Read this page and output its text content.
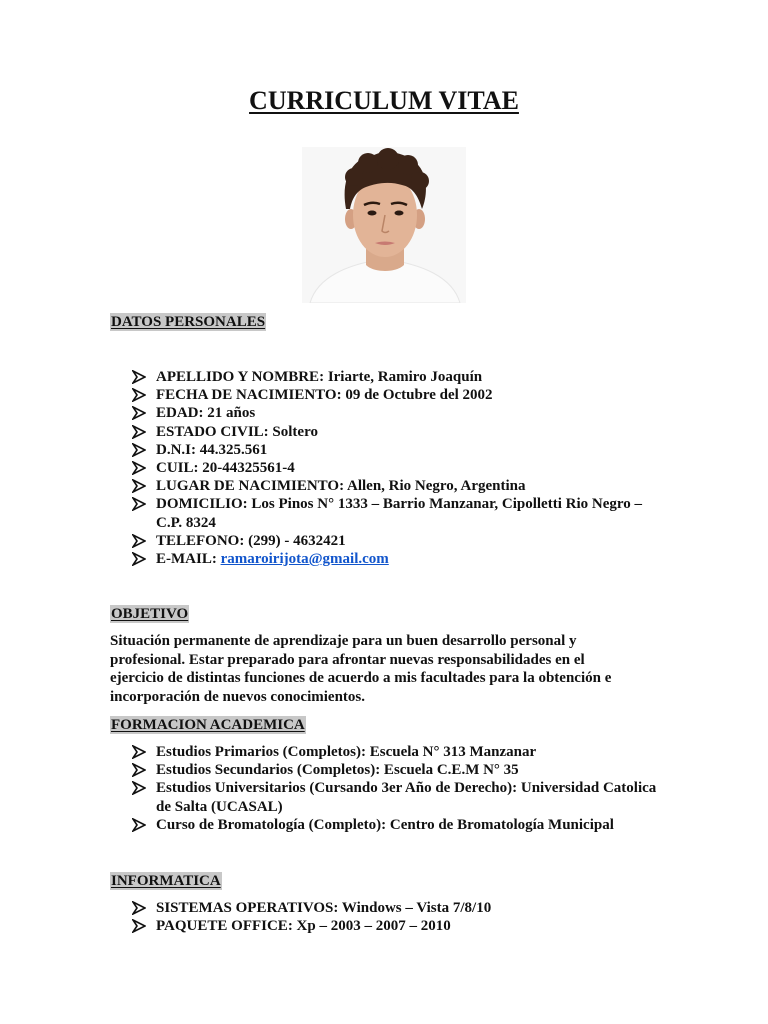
CURRICULUM VITAE
DATOS PERSONALES
APELLIDO Y NOMBRE: Iriarte, Ramiro Joaquín
FECHA DE NACIMIENTO: 09 de Octubre del 2002
EDAD: 21 años
ESTADO CIVIL: Soltero
D.N.I: 44.325.561
CUIL: 20-44325561-4
LUGAR DE NACIMIENTO: Allen, Rio Negro, Argentina
DOMICILIO: Los Pinos N° 1333 – Barrio Manzanar, Cipolletti Rio Negro – C.P. 8324
TELEFONO: (299) - 4632421
E-MAIL: ramaroirijota@gmail.com
OBJETIVO

Situación permanente de aprendizaje para un buen desarrollo personal y profesional. Estar preparado para afrontar nuevas responsabilidades en el ejercicio de distintas funciones de acuerdo a mis facultades para la obtención e incorporación de nuevos conocimientos.

FORMACION ACADEMICA
Estudios Primarios (Completos): Escuela N° 313 Manzanar
Estudios Secundarios (Completos): Escuela C.E.M N° 35
Estudios Universitarios (Cursando 3er Año de Derecho): Universidad Catolica de Salta (UCASAL)
Curso de Bromatología (Completo): Centro de Bromatología Municipal
INFORMATICA
SISTEMAS OPERATIVOS: Windows – Vista 7/8/10
PAQUETE OFFICE: Xp – 2003 – 2007 – 2010
